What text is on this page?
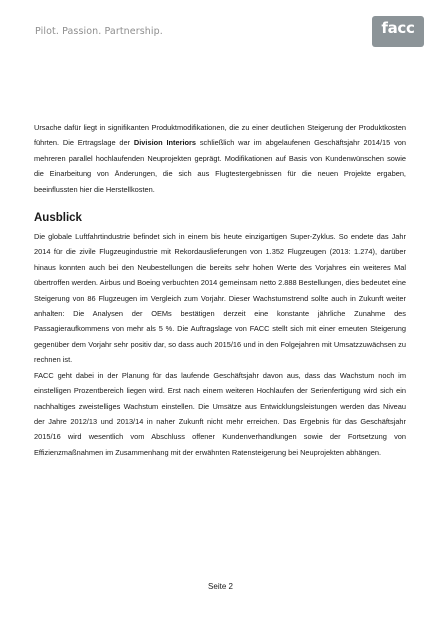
Pilot. Passion. Partnership.	facc

Ursache dafür liegt in signifikanten Produktmodifikationen, die zu einer deutlichen Steigerung der Produktkosten führten. Die Ertragslage der Division Interiors schließlich war im abgelaufenen Geschäftsjahr 2014/15 von mehreren parallel hochlaufenden Neuprojekten geprägt. Modifikationen auf Basis von Kundenwünschen sowie die Einarbeitung von Änderungen, die sich aus Flugtestergebnissen für die neuen Projekte ergaben, beeinflussten hier die Herstellkosten.

Ausblick

Die globale Luftfahrtindustrie befindet sich in einem bis heute einzigartigen Super-Zyklus. So endete das Jahr 2014 für die zivile Flugzeugindustrie mit Rekordauslieferungen von 1.352 Flugzeugen (2013: 1.274), darüber hinaus konnten auch bei den Neubestellungen die bereits sehr hohen Werte des Vorjahres ein weiteres Mal übertroffen werden. Airbus und Boeing verbuchten 2014 gemeinsam netto 2.888 Bestellungen, dies bedeutet eine Steigerung von 86 Flugzeugen im Vergleich zum Vorjahr. Dieser Wachstumstrend sollte auch in Zukunft weiter anhalten: Die Analysen der OEMs bestätigen derzeit eine konstante jährliche Zunahme des Passagieraufkommens von mehr als 5 %. Die Auftragslage von FACC stellt sich mit einer erneuten Steigerung gegenüber dem Vorjahr sehr positiv dar, so dass auch 2015/16 und in den Folgejahren mit Umsatzzuwächsen zu rechnen ist.

FACC geht dabei in der Planung für das laufende Geschäftsjahr davon aus, dass das Wachstum noch im einstelligen Prozentbereich liegen wird. Erst nach einem weiteren Hochlaufen der Serienfertigung wird sich ein nachhaltiges zweistelliges Wachstum einstellen. Die Umsätze aus Entwicklungsleistungen werden das Niveau der Jahre 2012/13 und 2013/14 in naher Zukunft nicht mehr erreichen. Das Ergebnis für das Geschäftsjahr 2015/16 wird wesentlich vom Abschluss offener Kundenverhandlungen sowie der Fortsetzung von Effizienzmaßnahmen im Zusammenhang mit der erwähnten Ratensteigerung bei Neuprojekten abhängen.

Seite 2
